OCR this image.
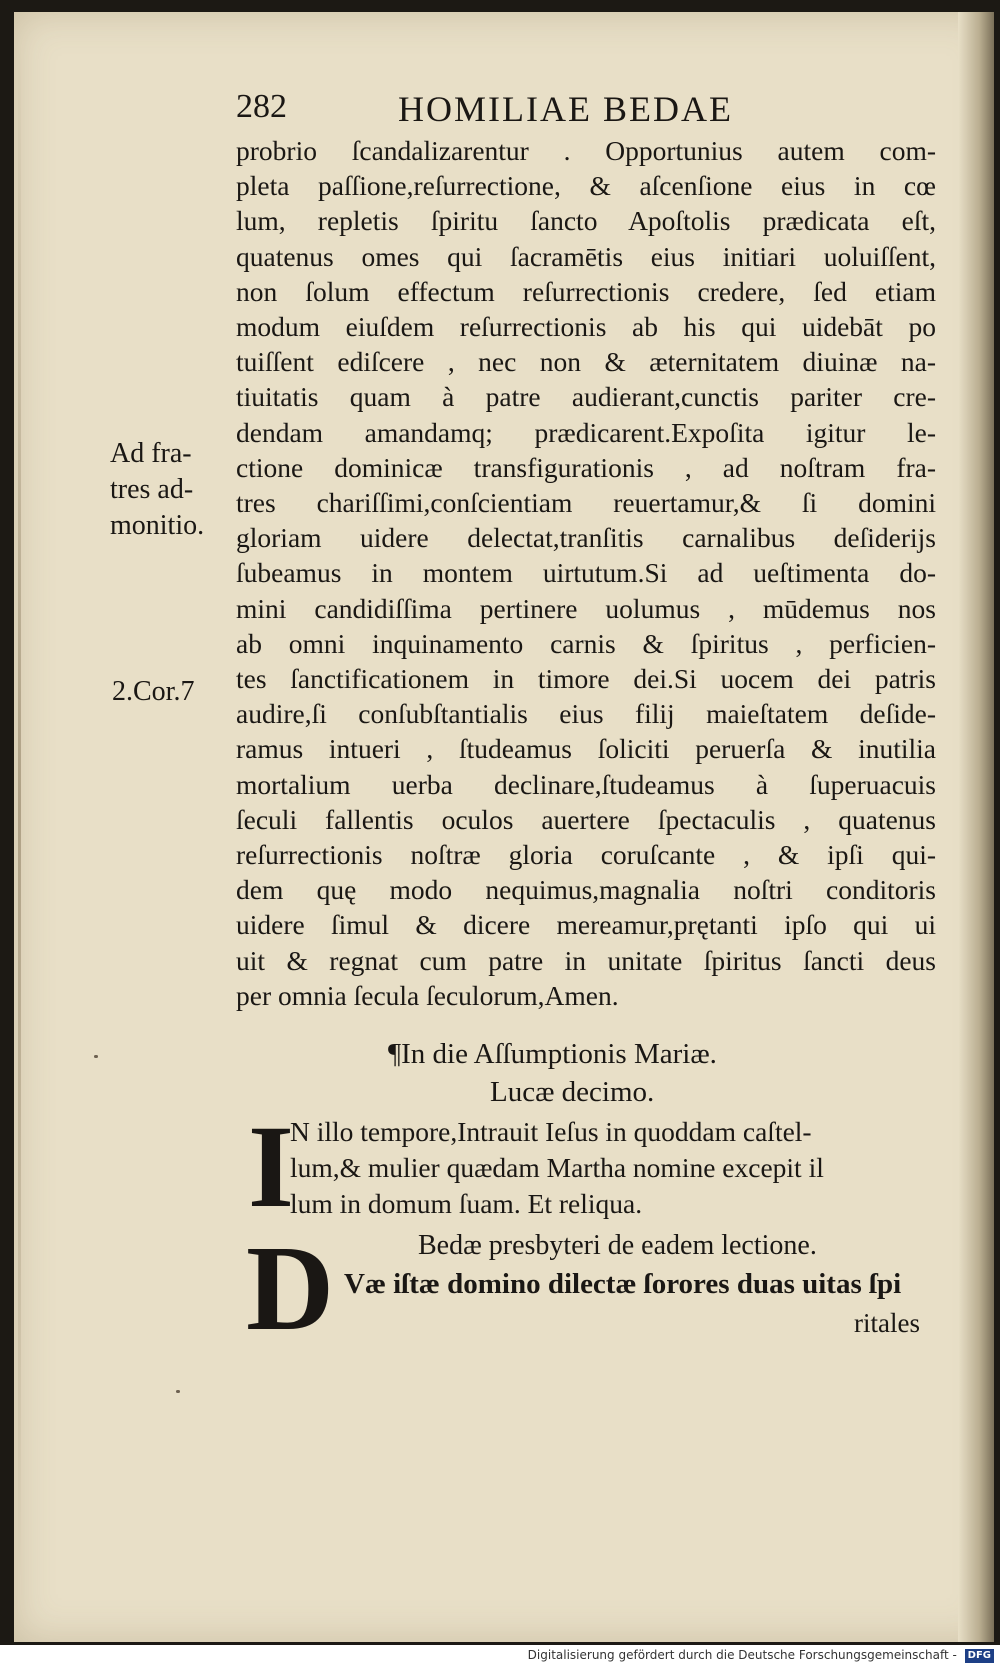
282	HOMILIAE BEDAE
probrio ſcandalizarentur . Opportunius autem com-
pleta paſſione,reſurrectione, & aſcenſione eius in cœ
lum, repletis ſpiritu ſancto Apoſtolis prædicata eſt,
quatenus omes qui ſacramētis eius initiari uoluiſſent,
non ſolum effectum reſurrectionis credere, ſed etiam
modum eiuſdem reſurrectionis ab his qui uidebāt po
tuiſſent ediſcere , nec non & æternitatem diuinæ na-
tiuitatis quam à patre audierant,cunctis pariter cre-
dendam amandamq; prædicarent.Expoſita igitur le-
ctione dominicæ transfigurationis , ad noſtram fra-
tres chariſſimi,conſcientiam reuertamur,& ſi domini
gloriam uidere delectat,tranſitis carnalibus deſiderijs
ſubeamus in montem uirtutum.Si ad ueſtimenta do-
mini candidiſſima pertinere uolumus , mūdemus nos
ab omni inquinamento carnis & ſpiritus , perficien-
tes ſanctificationem in timore dei.Si uocem dei patris
audire,ſi conſubſtantialis eius filij maieſtatem deſide-
ramus intueri , ſtudeamus ſoliciti peruerſa & inutilia
mortalium uerba declinare,ſtudeamus à ſuperuacuis
ſeculi fallentis oculos auertere ſpectaculis , quatenus
reſurrectionis noſtræ gloria coruſcante , & ipſi qui-
dem quę modo nequimus,magnalia noſtri conditoris
uidere ſimul & dicere mereamur,prętanti ipſo qui ui
uit & regnat cum patre in unitate ſpiritus ſancti deus
per omnia ſecula ſeculorum,Amen.
Ad fra-
tres ad-
monitio.
2.Cor.7
¶In die Aſſumptionis Mariæ.
Lucæ decimo.
I
N illo tempore,Intrauit Ieſus in quoddam caſtel-
lum,& mulier quædam Martha nomine excepit il
lum in domum ſuam. Et reliqua.
D	Bedæ presbyteri de eadem lectione.
Væ iſtæ domino dilectæ ſorores duas uitas ſpi
ritales
Digitalisierung gefördert durch die Deutsche Forschungsgemeinschaft - DFG
